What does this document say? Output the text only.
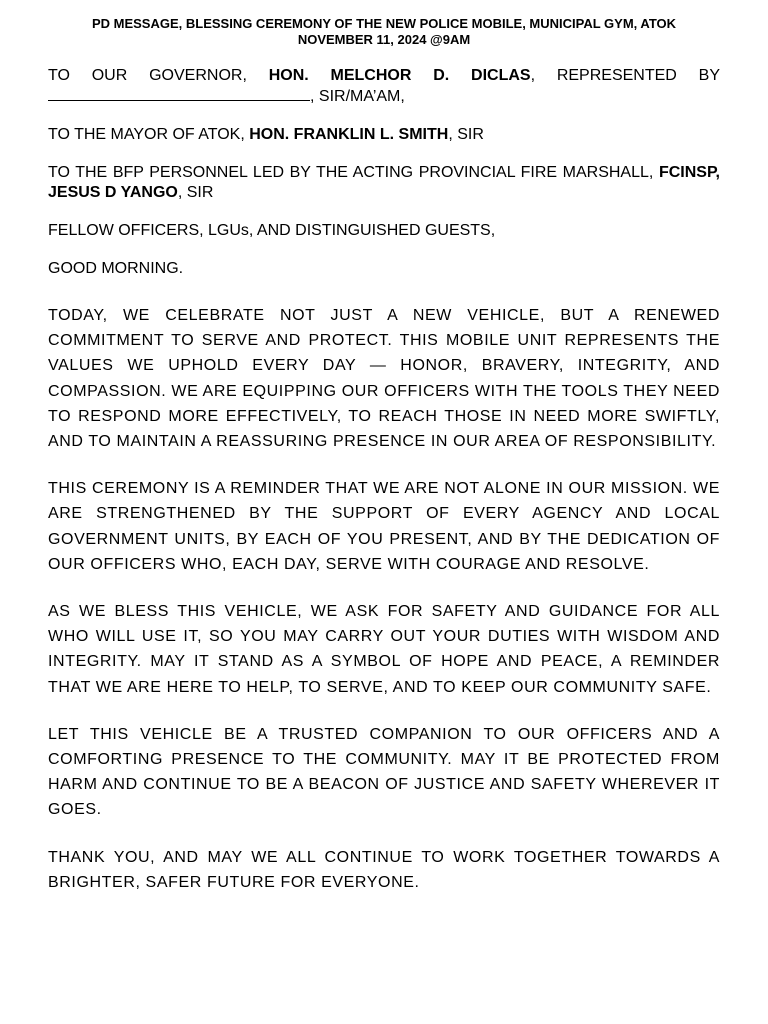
PD MESSAGE, BLESSING CEREMONY OF THE NEW POLICE MOBILE, MUNICIPAL GYM, ATOK
NOVEMBER 11, 2024 @9AM

TO OUR GOVERNOR, HON. MELCHOR D. DICLAS, REPRESENTED BY , SIR/MA’AM,

TO THE MAYOR OF ATOK, HON. FRANKLIN L. SMITH, SIR

TO THE BFP PERSONNEL LED BY THE ACTING PROVINCIAL FIRE MARSHALL, FCINSP, JESUS D YANGO, SIR

FELLOW OFFICERS, LGUs, AND DISTINGUISHED GUESTS,

GOOD MORNING.

TODAY, WE CELEBRATE NOT JUST A NEW VEHICLE, BUT A RENEWED COMMITMENT TO SERVE AND PROTECT. THIS MOBILE UNIT REPRESENTS THE VALUES WE UPHOLD EVERY DAY — HONOR, BRAVERY, INTEGRITY, AND COMPASSION. WE ARE EQUIPPING OUR OFFICERS WITH THE TOOLS THEY NEED TO RESPOND MORE EFFECTIVELY, TO REACH THOSE IN NEED MORE SWIFTLY, AND TO MAINTAIN A REASSURING PRESENCE IN OUR AREA OF RESPONSIBILITY.

THIS CEREMONY IS A REMINDER THAT WE ARE NOT ALONE IN OUR MISSION. WE ARE STRENGTHENED BY THE SUPPORT OF EVERY AGENCY AND LOCAL GOVERNMENT UNITS, BY EACH OF YOU PRESENT, AND BY THE DEDICATION OF OUR OFFICERS WHO, EACH DAY, SERVE WITH COURAGE AND RESOLVE.

AS WE BLESS THIS VEHICLE, WE ASK FOR SAFETY AND GUIDANCE FOR ALL WHO WILL USE IT, SO YOU MAY CARRY OUT YOUR DUTIES WITH WISDOM AND INTEGRITY. MAY IT STAND AS A SYMBOL OF HOPE AND PEACE, A REMINDER THAT WE ARE HERE TO HELP, TO SERVE, AND TO KEEP OUR COMMUNITY SAFE.

LET THIS VEHICLE BE A TRUSTED COMPANION TO OUR OFFICERS AND A COMFORTING PRESENCE TO THE COMMUNITY. MAY IT BE PROTECTED FROM HARM AND CONTINUE TO BE A BEACON OF JUSTICE AND SAFETY WHEREVER IT GOES.

THANK YOU, AND MAY WE ALL CONTINUE TO WORK TOGETHER TOWARDS A BRIGHTER, SAFER FUTURE FOR EVERYONE.
